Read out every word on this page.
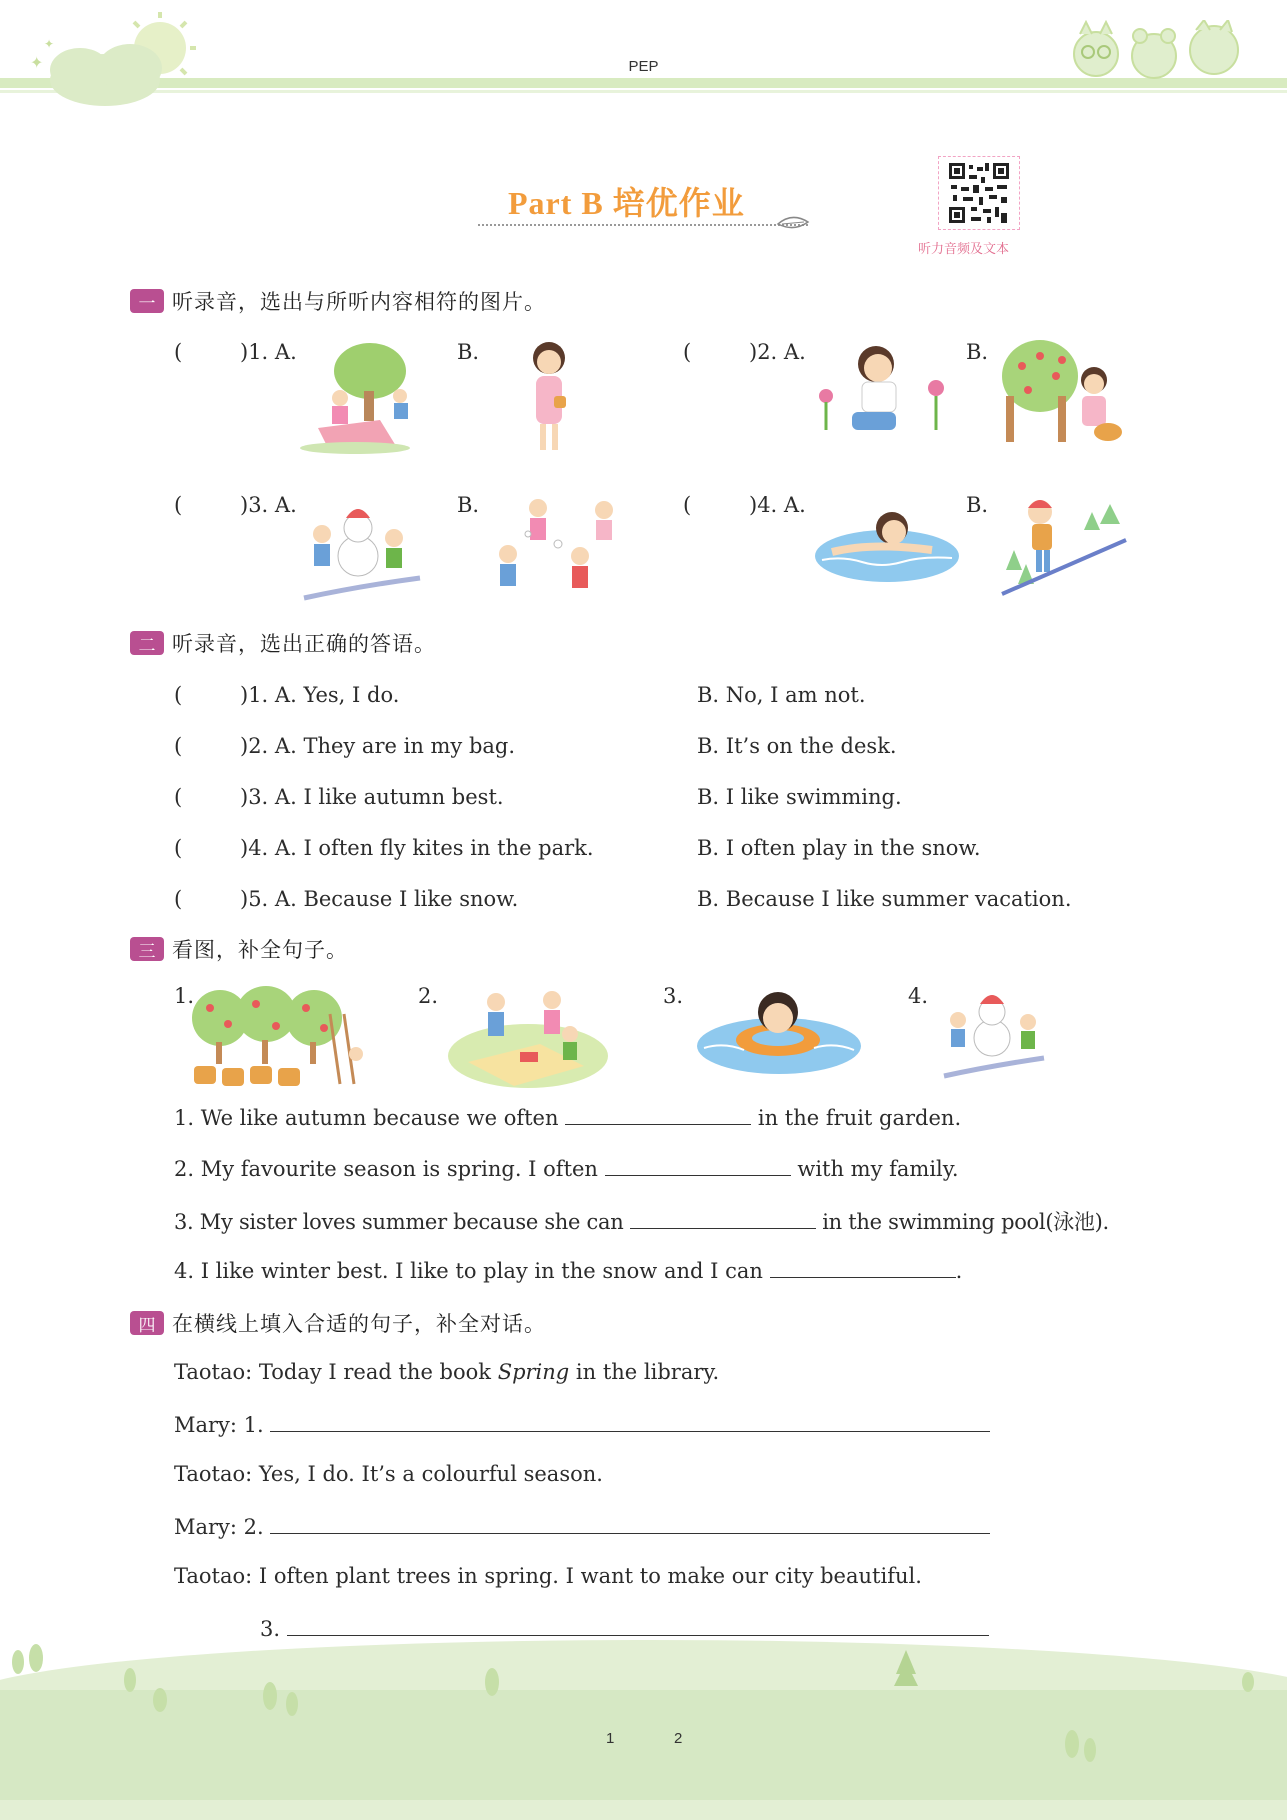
✦
✦
PEP
Part B 培优作业
听力音频及文本
一 听录音，选出与所听内容相符的图片。
(	)1. A.	B.	(	)2. A.	B.
(	)3. A.	B.	(	)4. A.	B.
二 听录音，选出正确的答语。
(	)1. A. Yes, I do.	B. No, I am not.
(	)2. A. They are in my bag.	B. It’s on the desk.
(	)3. A. I like autumn best.	B. I like swimming.
(	)4. A. I often fly kites in the park.	B. I often play in the snow.
(	)5. A. Because I like snow.	B. Because I like summer vacation.
三 看图，补全句子。
1.	2.	3.	4.
1. We like autumn because we often	in the fruit garden.
2. My favourite season is spring. I often	with my family.
3. My sister loves summer because she can	in the swimming pool(泳池).
4. I like winter best. I like to play in the snow and I can	.
四 在横线上填入合适的句子，补全对话。
Taotao: Today I read the book Spring in the library.
Mary: 1.
Taotao: Yes, I do. It’s a colourful season.
Mary: 2.
Taotao: I often plant trees in spring. I want to make our city beautiful.
3.
1	2
